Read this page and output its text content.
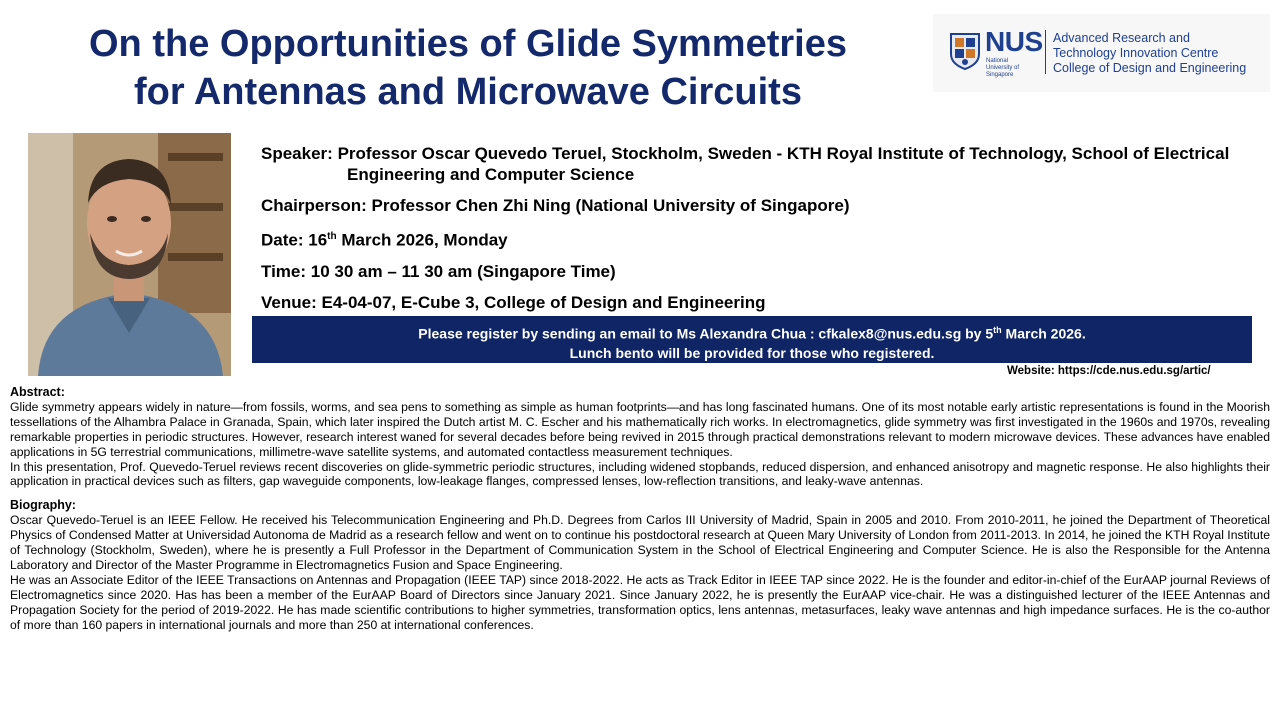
On the Opportunities of Glide Symmetries
for Antennas and Microwave Circuits
NUS
National University of Singapore
Advanced Research and
Technology Innovation Centre
College of Design and Engineering
Speaker: Professor Oscar Quevedo Teruel, Stockholm, Sweden - KTH Royal Institute of Technology, School of Electrical Engineering and Computer Science
Chairperson: Professor Chen Zhi Ning (National University of Singapore)
Date: 16th March 2026, Monday
Time: 10 30 am – 11 30 am (Singapore Time)
Venue: E4-04-07, E-Cube 3, College of Design and Engineering
Please register by sending an email to Ms Alexandra Chua : cfkalex8@nus.edu.sg by 5th March 2026.
Lunch bento will be provided for those who registered.
Website: https://cde.nus.edu.sg/artic/

Abstract:

Glide symmetry appears widely in nature—from fossils, worms, and sea pens to something as simple as human footprints—and has long fascinated humans. One of its most notable early artistic representations is found in the Moorish tessellations of the Alhambra Palace in Granada, Spain, which later inspired the Dutch artist M. C. Escher and his mathematically rich works. In electromagnetics, glide symmetry was first investigated in the 1960s and 1970s, revealing remarkable properties in periodic structures. However, research interest waned for several decades before being revived in 2015 through practical demonstrations relevant to modern microwave devices. These advances have enabled applications in 5G terrestrial communications, millimetre-wave satellite systems, and automated contactless measurement techniques.

In this presentation, Prof. Quevedo-Teruel reviews recent discoveries on glide-symmetric periodic structures, including widened stopbands, reduced dispersion, and enhanced anisotropy and magnetic response. He also highlights their application in practical devices such as filters, gap waveguide components, low-leakage flanges, compressed lenses, low-reflection transitions, and leaky-wave antennas.

Biography:

Oscar Quevedo-Teruel is an IEEE Fellow. He received his Telecommunication Engineering and Ph.D. Degrees from Carlos III University of Madrid, Spain in 2005 and 2010. From 2010-2011, he joined the Department of Theoretical Physics of Condensed Matter at Universidad Autonoma de Madrid as a research fellow and went on to continue his postdoctoral research at Queen Mary University of London from 2011-2013. In 2014, he joined the KTH Royal Institute of Technology (Stockholm, Sweden), where he is presently a Full Professor in the Department of Communication System in the School of Electrical Engineering and Computer Science. He is also the Responsible for the Antenna Laboratory and Director of the Master Programme in Electromagnetics Fusion and Space Engineering.

He was an Associate Editor of the IEEE Transactions on Antennas and Propagation (IEEE TAP) since 2018-2022. He acts as Track Editor in IEEE TAP since 2022. He is the founder and editor-in-chief of the EurAAP journal Reviews of Electromagnetics since 2020. Has has been a member of the EurAAP Board of Directors since January 2021. Since January 2022, he is presently the EurAAP vice-chair. He was a distinguished lecturer of the IEEE Antennas and Propagation Society for the period of 2019-2022. He has made scientific contributions to higher symmetries, transformation optics, lens antennas, metasurfaces, leaky wave antennas and high impedance surfaces. He is the co-author of more than 160 papers in international journals and more than 250 at international conferences.
